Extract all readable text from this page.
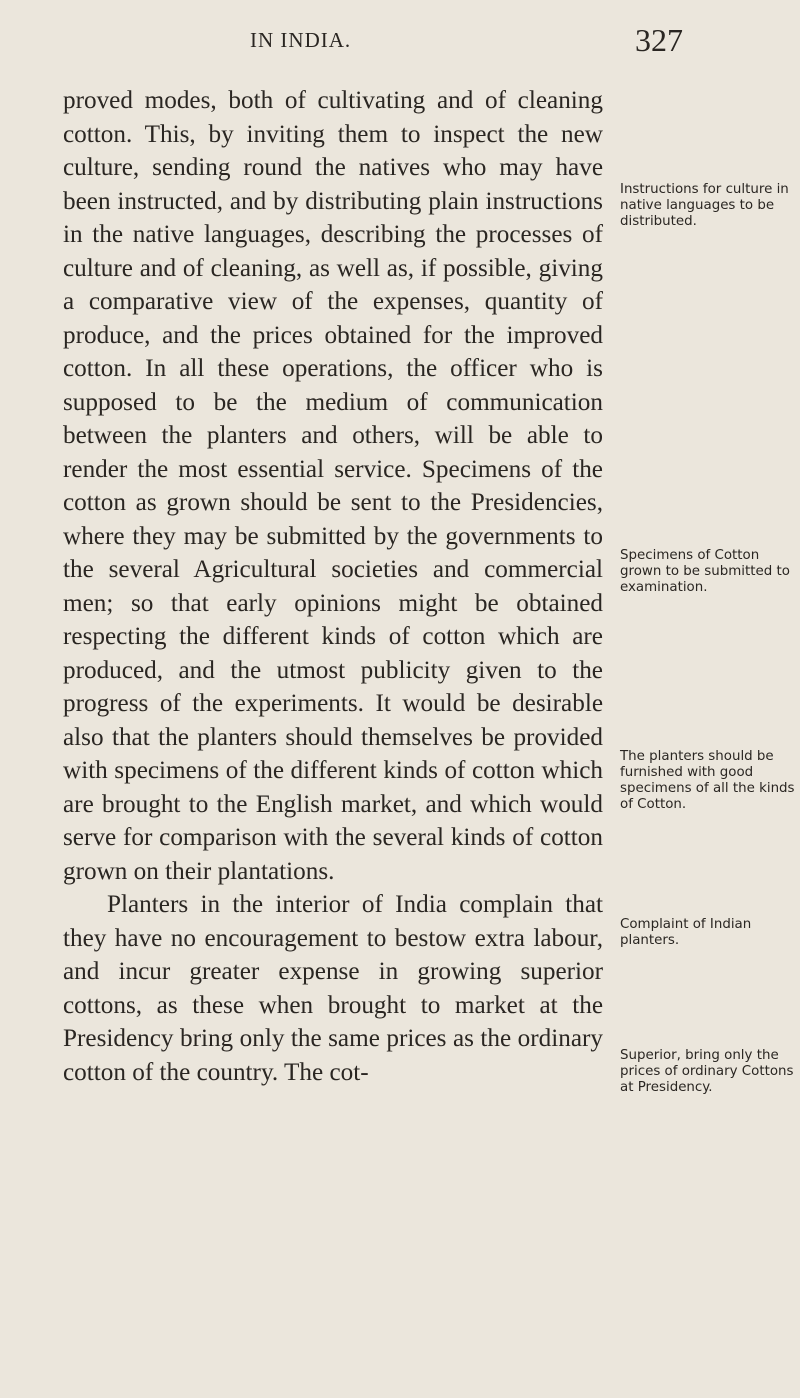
IN INDIA.	327

proved modes, both of cultivating and of cleaning cotton. This, by inviting them to inspect the new culture, sending round the natives who may have been instructed, and by distributing plain instructions in the native languages, describing the processes of culture and of cleaning, as well as, if possible, giving a comparative view of the expenses, quantity of produce, and the prices obtained for the improved cotton. In all these operations, the officer who is supposed to be the medium of communication between the planters and others, will be able to render the most essential service. Specimens of the cotton as grown should be sent to the Presidencies, where they may be submitted by the governments to the several Agricultural societies and commercial men; so that early opinions might be obtained respecting the different kinds of cotton which are produced, and the utmost publicity given to the progress of the experiments. It would be desirable also that the planters should themselves be provided with specimens of the different kinds of cotton which are brought to the English market, and which would serve for comparison with the several kinds of cotton grown on their plantations.

Planters in the interior of India complain that they have no encouragement to bestow extra labour, and incur greater expense in growing superior cottons, as these when brought to market at the Presidency bring only the same prices as the ordinary cotton of the country. The cot-

Instructions for culture in native languages to be distributed.
Specimens of Cotton grown to be submitted to examination.
The planters should be furnished with good specimens of all the kinds of Cotton.
Complaint of Indian planters.
Superior, bring only the prices of ordinary Cottons at Presidency.
